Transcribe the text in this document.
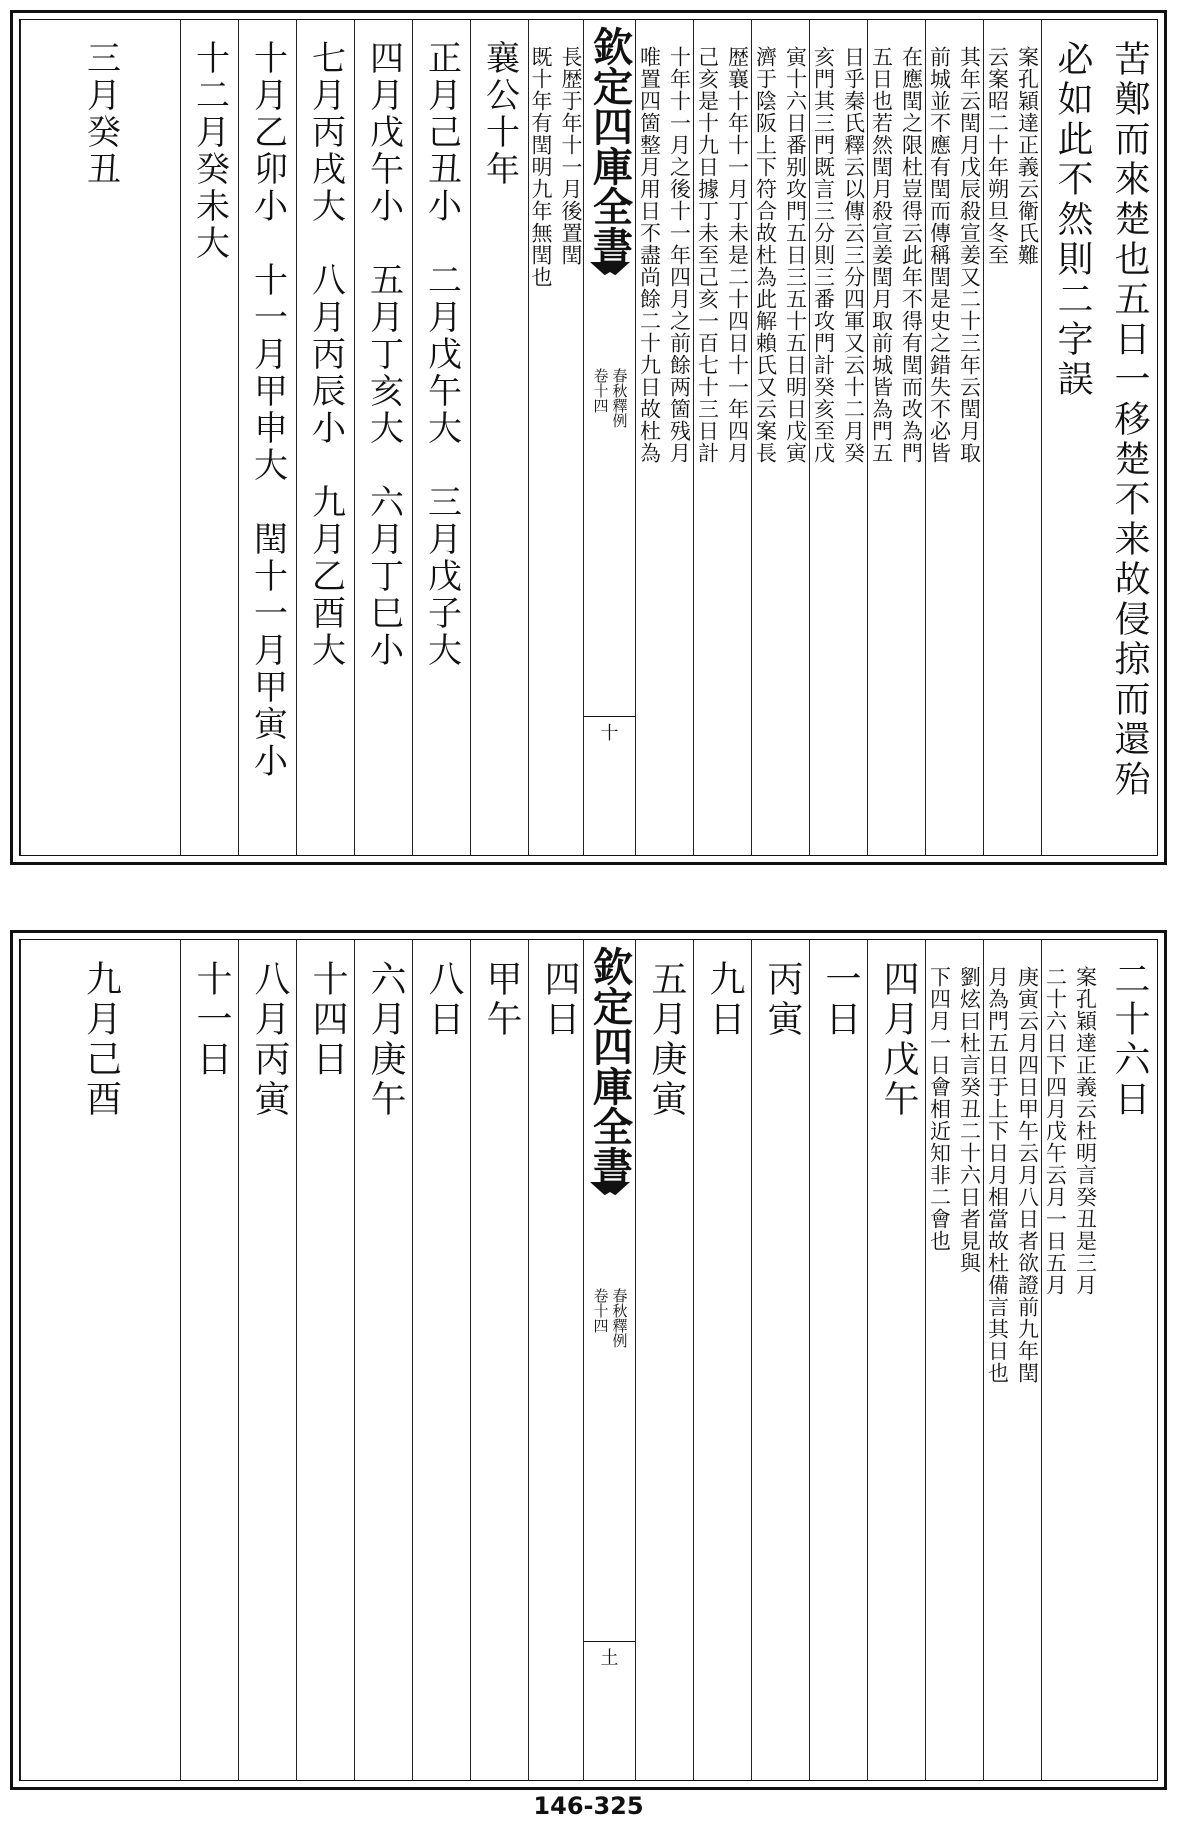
苦鄭而來楚也五日一移楚不来故侵掠而還殆
必如此不然則二字誤
案孔穎達正義云衛氏難
云案昭二十年朔旦冬至
其年云閏月戊辰殺宣姜又二十三年云閏月取
前城並不應有閏而傳稱閏是史之錯失不必皆
在應閏之限杜豈得云此年不得有閏而改為門
五日也若然閏月殺宣姜閏月取前城皆為門五
日乎秦氏釋云以傳云三分四軍又云十二月癸
亥門其三門既言三分則三番攻門計癸亥至戊
寅十六日番别攻門五日三五十五日明日戊寅
濟于陰阪上下符合故杜為此解賴氏又云案長
歴襄十年十一月丁未是二十四日十一年四月
己亥是十九日據丁未至己亥一百七十三日計
十年十一月之後十一年四月之前餘两箇残月
唯置四箇整月用日不盡尚餘二十九日故杜為
欽定四庫全書
春秋釋例
卷十四
十
長歴于年十一月後置閏
既十年有閏明九年無閏也
襄公十年
正月己丑小　二月戊午大　三月戊子大
四月戊午小　五月丁亥大　六月丁巳小
七月丙戌大　八月丙辰小　九月乙酉大
十月乙卯小　十一月甲申大　閏十一月甲寅小
十二月癸未大
三月癸丑
二十六日
案孔穎達正義云杜明言癸丑是三月
二十六日下四月戊午云月一日五月
庚寅云月四日甲午云月八日者欲證前九年閏
月為門五日于上下日月相當故杜備言其日也
劉炫曰杜言癸丑二十六日者見與
下四月一日會相近知非二會也
四月戊午
一日
丙寅
九日
五月庚寅
欽定四庫全書
春秋釋例
卷十四
土
四日
甲午
八日
六月庚午
十四日
八月丙寅
十一日
九月己酉
146-325
